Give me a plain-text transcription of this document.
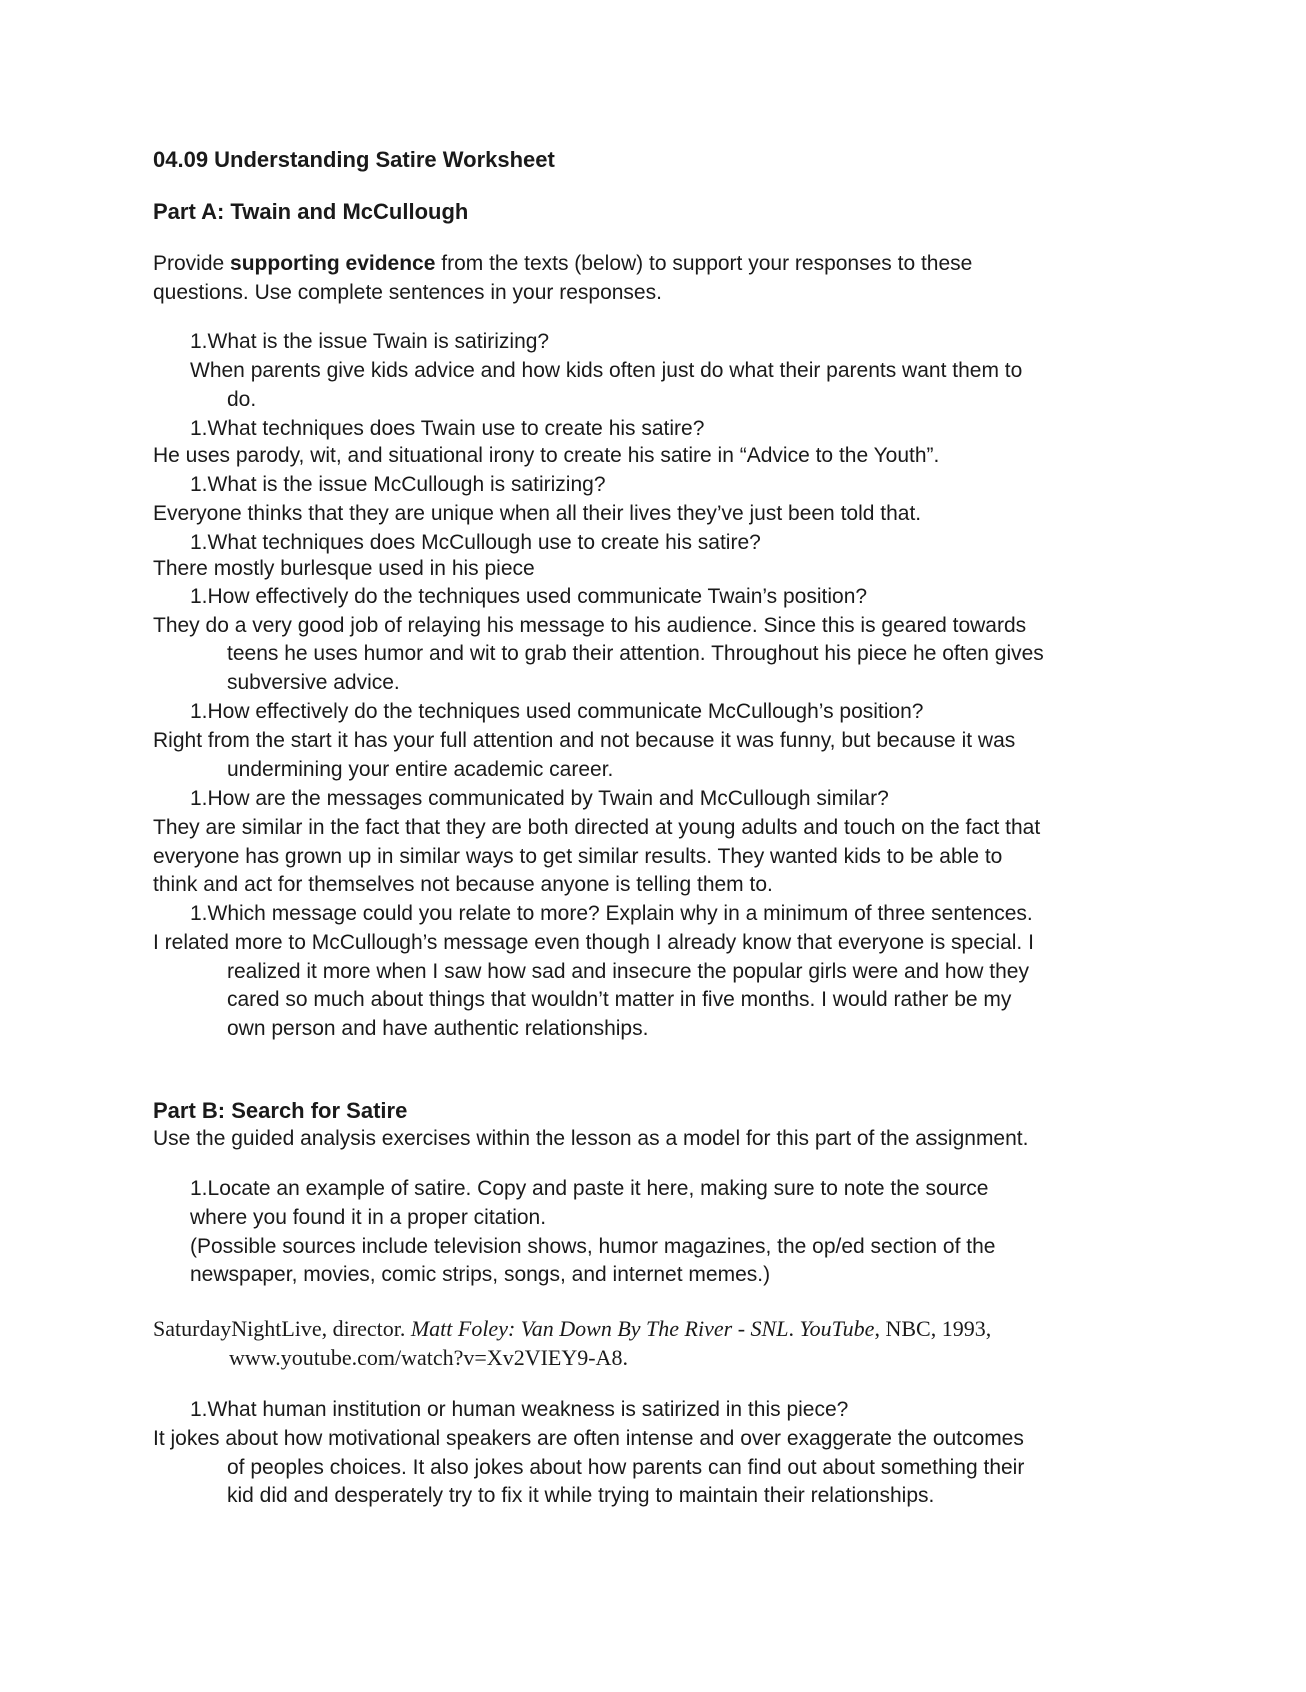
04.09 Understanding Satire Worksheet
Part A: Twain and McCullough
Provide supporting evidence from the texts (below) to support your responses to these
questions. Use complete sentences in your responses.
1.What is the issue Twain is satirizing?
When parents give kids advice and how kids often just do what their parents want them to
do.
1.What techniques does Twain use to create his satire?
He uses parody, wit, and situational irony to create his satire in “Advice to the Youth”.
1.What is the issue McCullough is satirizing?
Everyone thinks that they are unique when all their lives they’ve just been told that.
1.What techniques does McCullough use to create his satire?
There mostly burlesque used in his piece
1.How effectively do the techniques used communicate Twain’s position?
They do a very good job of relaying his message to his audience. Since this is geared towards
teens he uses humor and wit to grab their attention. Throughout his piece he often gives
subversive advice.
1.How effectively do the techniques used communicate McCullough’s position?
Right from the start it has your full attention and not because it was funny, but because it was
undermining your entire academic career.
1.How are the messages communicated by Twain and McCullough similar?
They are similar in the fact that they are both directed at young adults and touch on the fact that
everyone has grown up in similar ways to get similar results. They wanted kids to be able to
think and act for themselves not because anyone is telling them to.
1.Which message could you relate to more? Explain why in a minimum of three sentences.
I related more to McCullough’s message even though I already know that everyone is special. I
realized it more when I saw how sad and insecure the popular girls were and how they
cared so much about things that wouldn’t matter in five months. I would rather be my
own person and have authentic relationships.
Part B: Search for Satire
Use the guided analysis exercises within the lesson as a model for this part of the assignment.
1.Locate an example of satire. Copy and paste it here, making sure to note the source
where you found it in a proper citation.
(Possible sources include television shows, humor magazines, the op/ed section of the
newspaper, movies, comic strips, songs, and internet memes.)
SaturdayNightLive, director. Matt Foley: Van Down By The River - SNL. YouTube, NBC, 1993,
www.youtube.com/watch?v=Xv2VIEY9-A8.
1.What human institution or human weakness is satirized in this piece?
It jokes about how motivational speakers are often intense and over exaggerate the outcomes
of peoples choices. It also jokes about how parents can find out about something their
kid did and desperately try to fix it while trying to maintain their relationships.
